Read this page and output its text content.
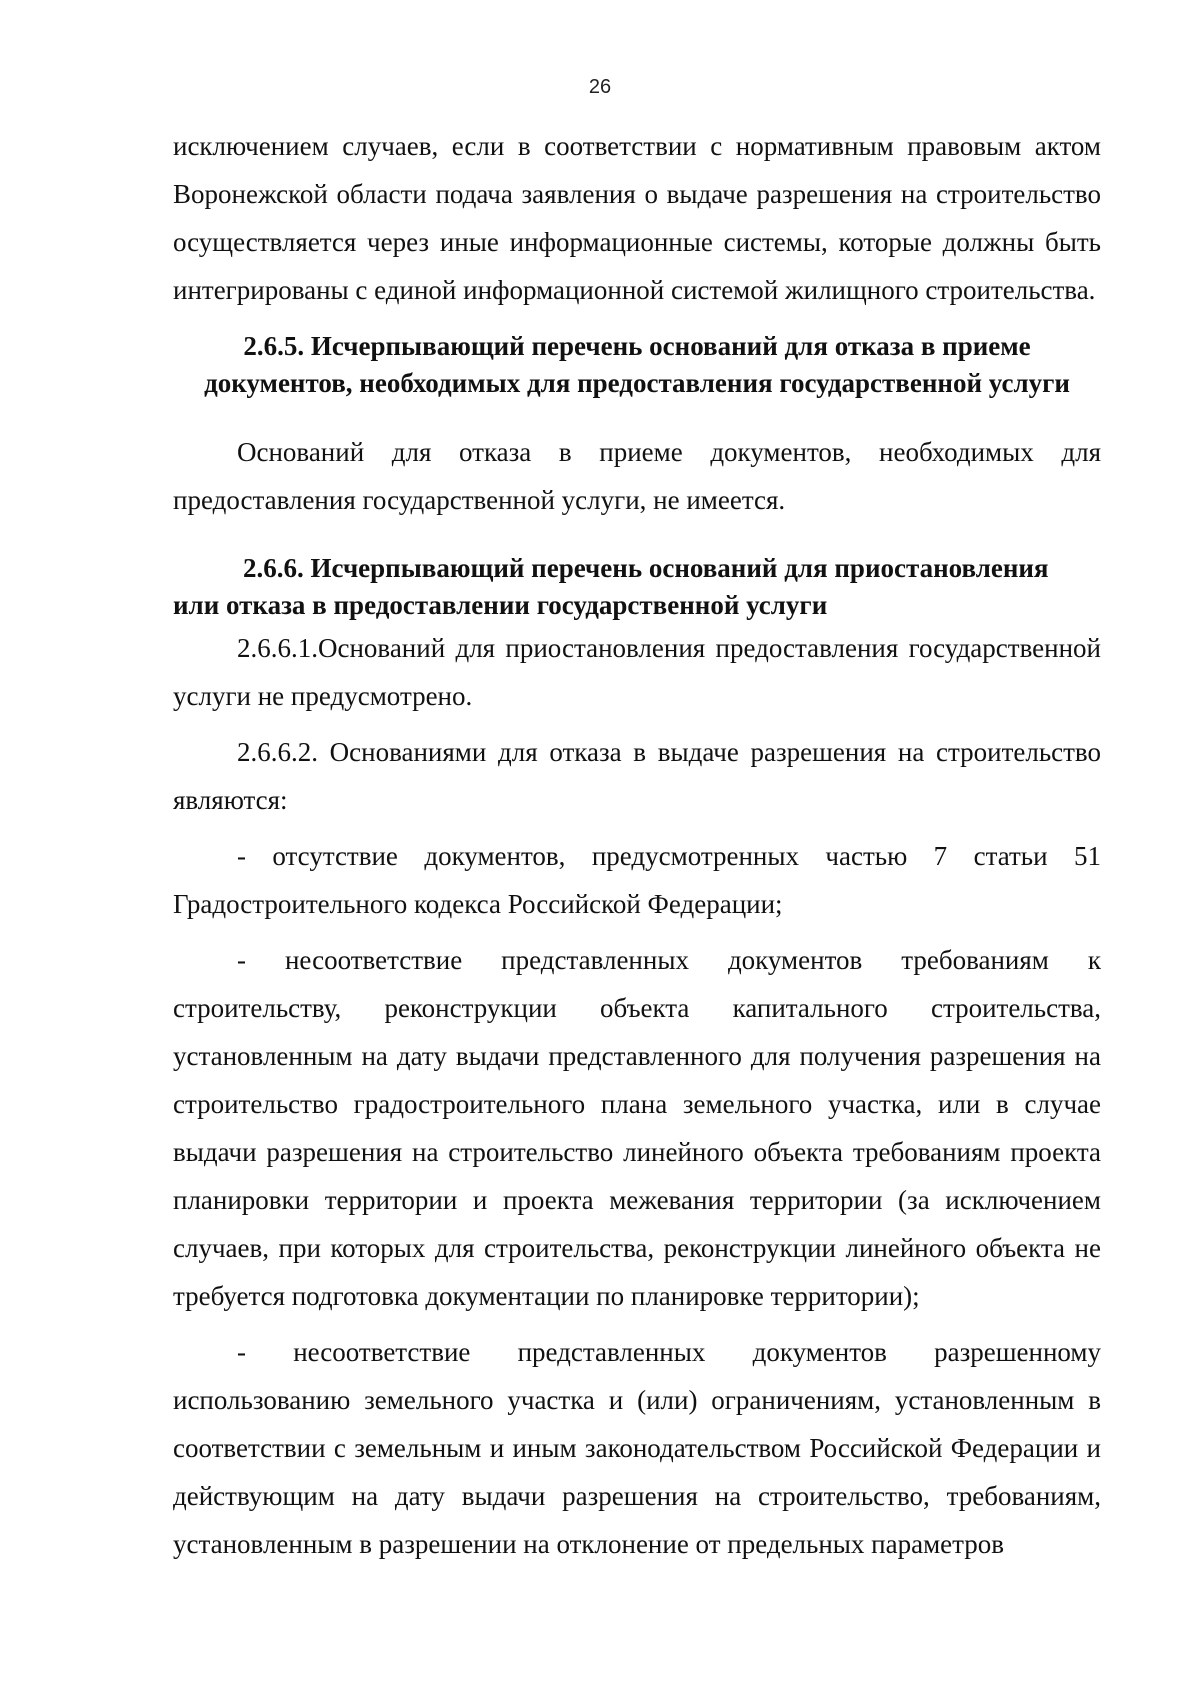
26

исключением случаев, если в соответствии с нормативным правовым актом Воронежской области подача заявления о выдаче разрешения на строительство осуществляется через иные информационные системы, которые должны быть интегрированы с единой информационной системой жилищного строительства.

2.6.5. Исчерпывающий перечень оснований для отказа в приеме документов, необходимых для предоставления государственной услуги

Оснований для отказа в приеме документов, необходимых для предоставления государственной услуги, не имеется.

2.6.6. Исчерпывающий перечень оснований для приостановления или отказа в предоставлении государственной услуги

2.6.6.1.Оснований для приостановления предоставления государственной услуги не предусмотрено.

2.6.6.2. Основаниями для отказа в выдаче разрешения на строительство являются:

- отсутствие документов, предусмотренных частью 7 статьи 51 Градостроительного кодекса Российской Федерации;

- несоответствие представленных документов требованиям к строительству, реконструкции объекта капитального строительства, установленным на дату выдачи представленного для получения разрешения на строительство градостроительного плана земельного участка, или в случае выдачи разрешения на строительство линейного объекта требованиям проекта планировки территории и проекта межевания территории (за исключением случаев, при которых для строительства, реконструкции линейного объекта не требуется подготовка документации по планировке территории);

- несоответствие представленных документов разрешенному использованию земельного участка и (или) ограничениям, установленным в соответствии с земельным и иным законодательством Российской Федерации и действующим на дату выдачи разрешения на строительство, требованиям, установленным в разрешении на отклонение от предельных параметров
